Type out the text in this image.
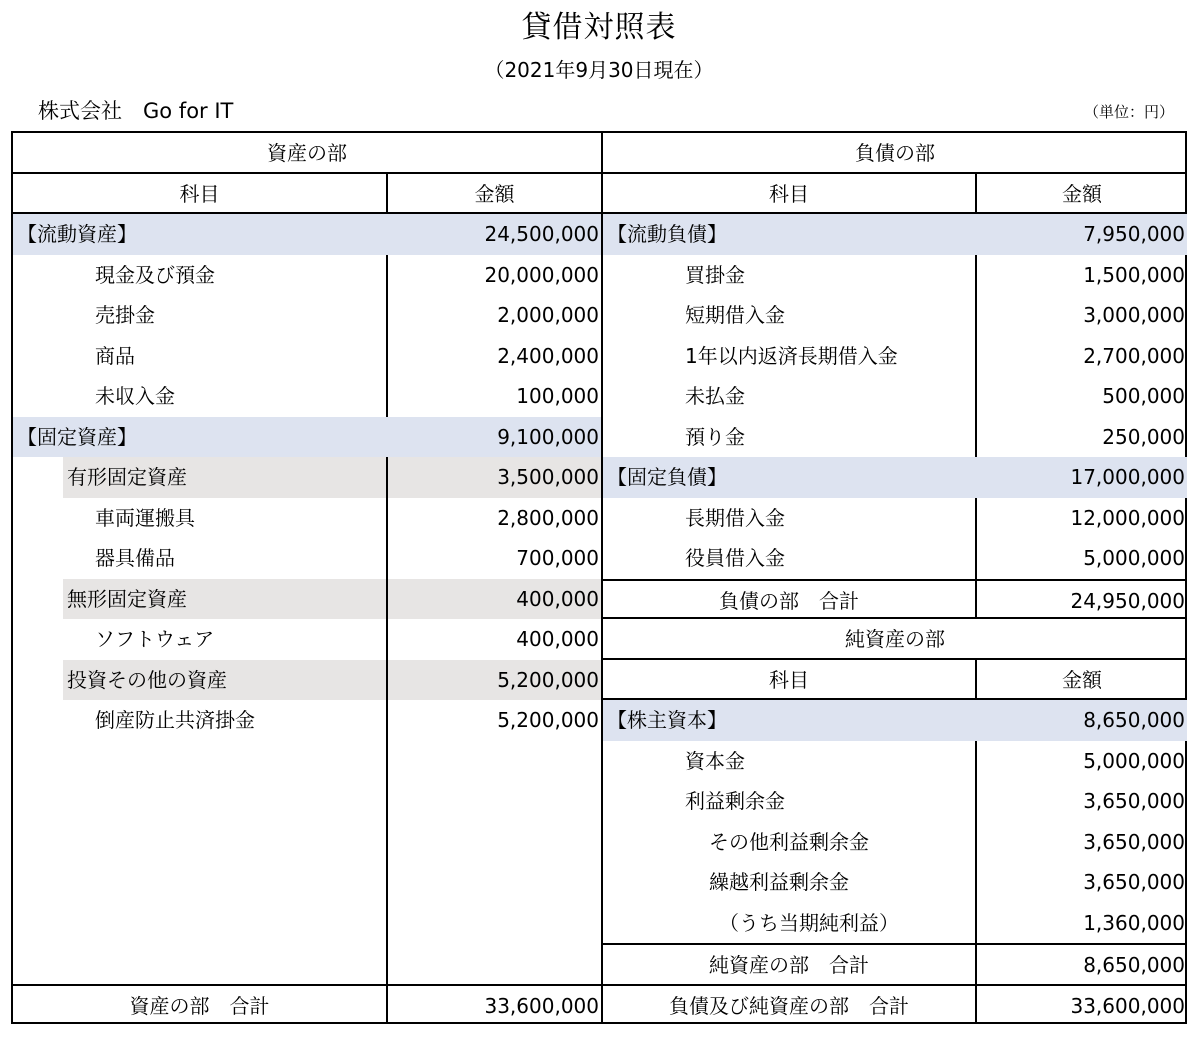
貸借対照表
（2021年9月30日現在）
株式会社　Go for IT	（単位：円）
資産の部
科目	金額
【流動資産】	24,500,000
現金及び預金	20,000,000
売掛金	2,000,000
商品	2,400,000
未収入金	100,000
【固定資産】	9,100,000
有形固定資産	3,500,000
車両運搬具	2,800,000
器具備品	700,000
無形固定資産	400,000
ソフトウェア	400,000
投資その他の資産	5,200,000
倒産防止共済掛金	5,200,000
資産の部　合計	33,600,000
負債の部
科目	金額
【流動負債】	7,950,000
買掛金	1,500,000
短期借入金	3,000,000
1年以内返済長期借入金	2,700,000
未払金	500,000
預り金	250,000
【固定負債】	17,000,000
長期借入金	12,000,000
役員借入金	5,000,000
負債の部　合計	24,950,000
純資産の部
科目	金額
【株主資本】	8,650,000
資本金	5,000,000
利益剰余金	3,650,000
その他利益剰余金	3,650,000
繰越利益剰余金	3,650,000
（うち当期純利益）	1,360,000
純資産の部　合計	8,650,000
負債及び純資産の部　合計	33,600,000
